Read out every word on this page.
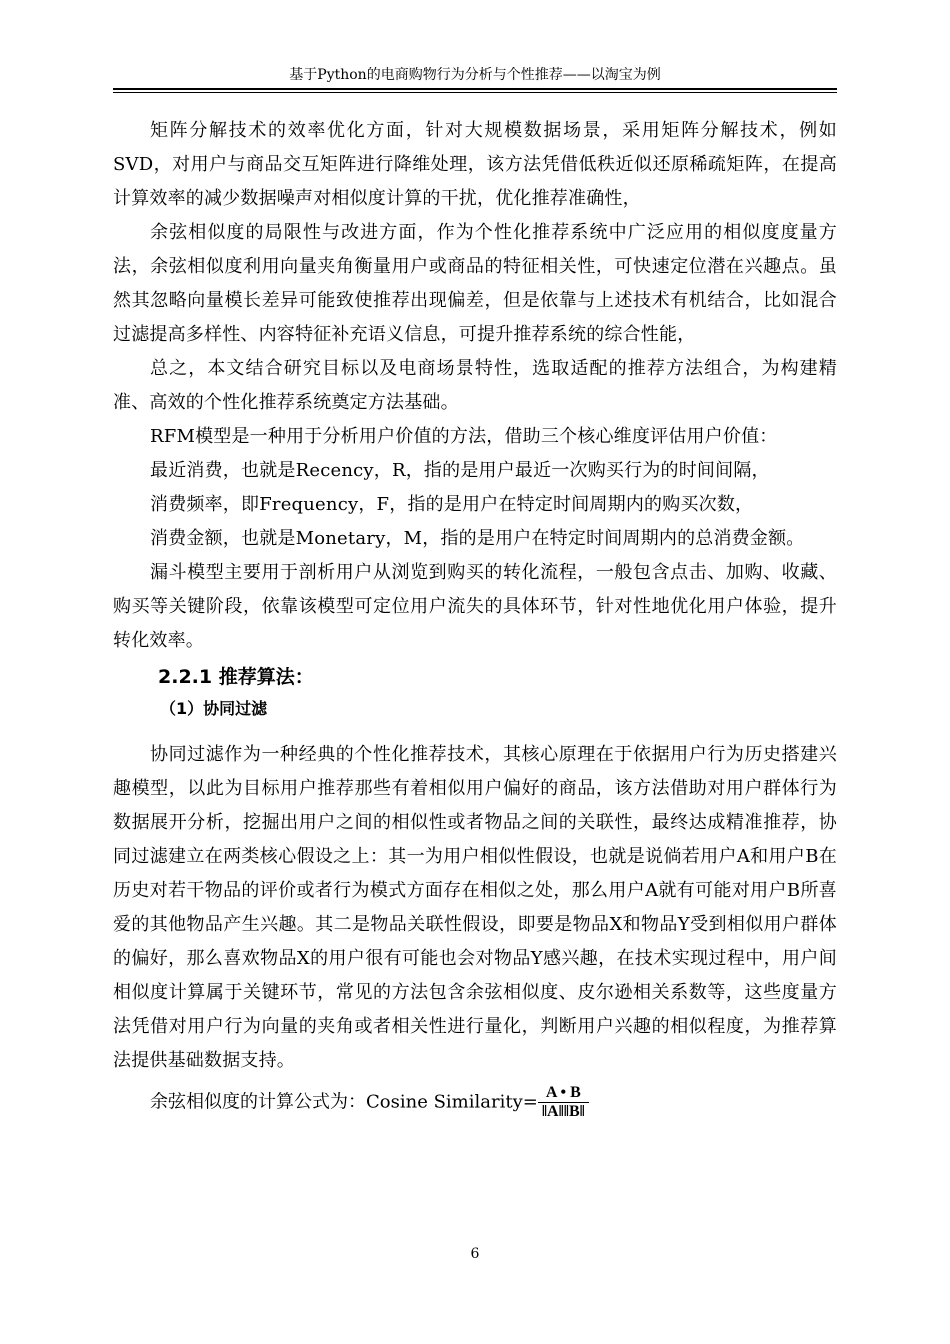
基于Python的电商购物行为分析与个性推荐——以淘宝为例

矩阵分解技术的效率优化方面，针对大规模数据场景，采用矩阵分解技术，例如SVD，对用户与商品交互矩阵进行降维处理，该方法凭借低秩近似还原稀疏矩阵，在提高计算效率的减少数据噪声对相似度计算的干扰，优化推荐准确性，

余弦相似度的局限性与改进方面，作为个性化推荐系统中广泛应用的相似度度量方法，余弦相似度利用向量夹角衡量用户或商品的特征相关性，可快速定位潜在兴趣点。虽然其忽略向量模长差异可能致使推荐出现偏差，但是依靠与上述技术有机结合，比如混合过滤提高多样性、内容特征补充语义信息，可提升推荐系统的综合性能，

总之，本文结合研究目标以及电商场景特性，选取适配的推荐方法组合，为构建精准、高效的个性化推荐系统奠定方法基础。

RFM模型是一种用于分析用户价值的方法，借助三个核心维度评估用户价值：

最近消费，也就是Recency，R，指的是用户最近一次购买行为的时间间隔，

消费频率，即Frequency，F，指的是用户在特定时间周期内的购买次数，

消费金额，也就是Monetary，M，指的是用户在特定时间周期内的总消费金额。

漏斗模型主要用于剖析用户从浏览到购买的转化流程，一般包含点击、加购、收藏、购买等关键阶段，依靠该模型可定位用户流失的具体环节，针对性地优化用户体验，提升转化效率。

2.2.1 推荐算法：
（1）协同过滤

协同过滤作为一种经典的个性化推荐技术，其核心原理在于依据用户行为历史搭建兴趣模型，以此为目标用户推荐那些有着相似用户偏好的商品，该方法借助对用户群体行为数据展开分析，挖掘出用户之间的相似性或者物品之间的关联性，最终达成精准推荐，协同过滤建立在两类核心假设之上：其一为用户相似性假设，也就是说倘若用户A和用户B在历史对若干物品的评价或者行为模式方面存在相似之处，那么用户A就有可能对用户B所喜爱的其他物品产生兴趣。其二是物品关联性假设，即要是物品X和物品Y受到相似用户群体的偏好，那么喜欢物品X的用户很有可能也会对物品Y感兴趣，在技术实现过程中，用户间相似度计算属于关键环节，常见的方法包含余弦相似度、皮尔逊相关系数等，这些度量方法凭借对用户行为向量的夹角或者相关性进行量化，判断用户兴趣的相似程度，为推荐算法提供基础数据支持。

余弦相似度的计算公式为：Cosine Similarity= $\frac{A • B}{‖A‖‖B‖}$
6
